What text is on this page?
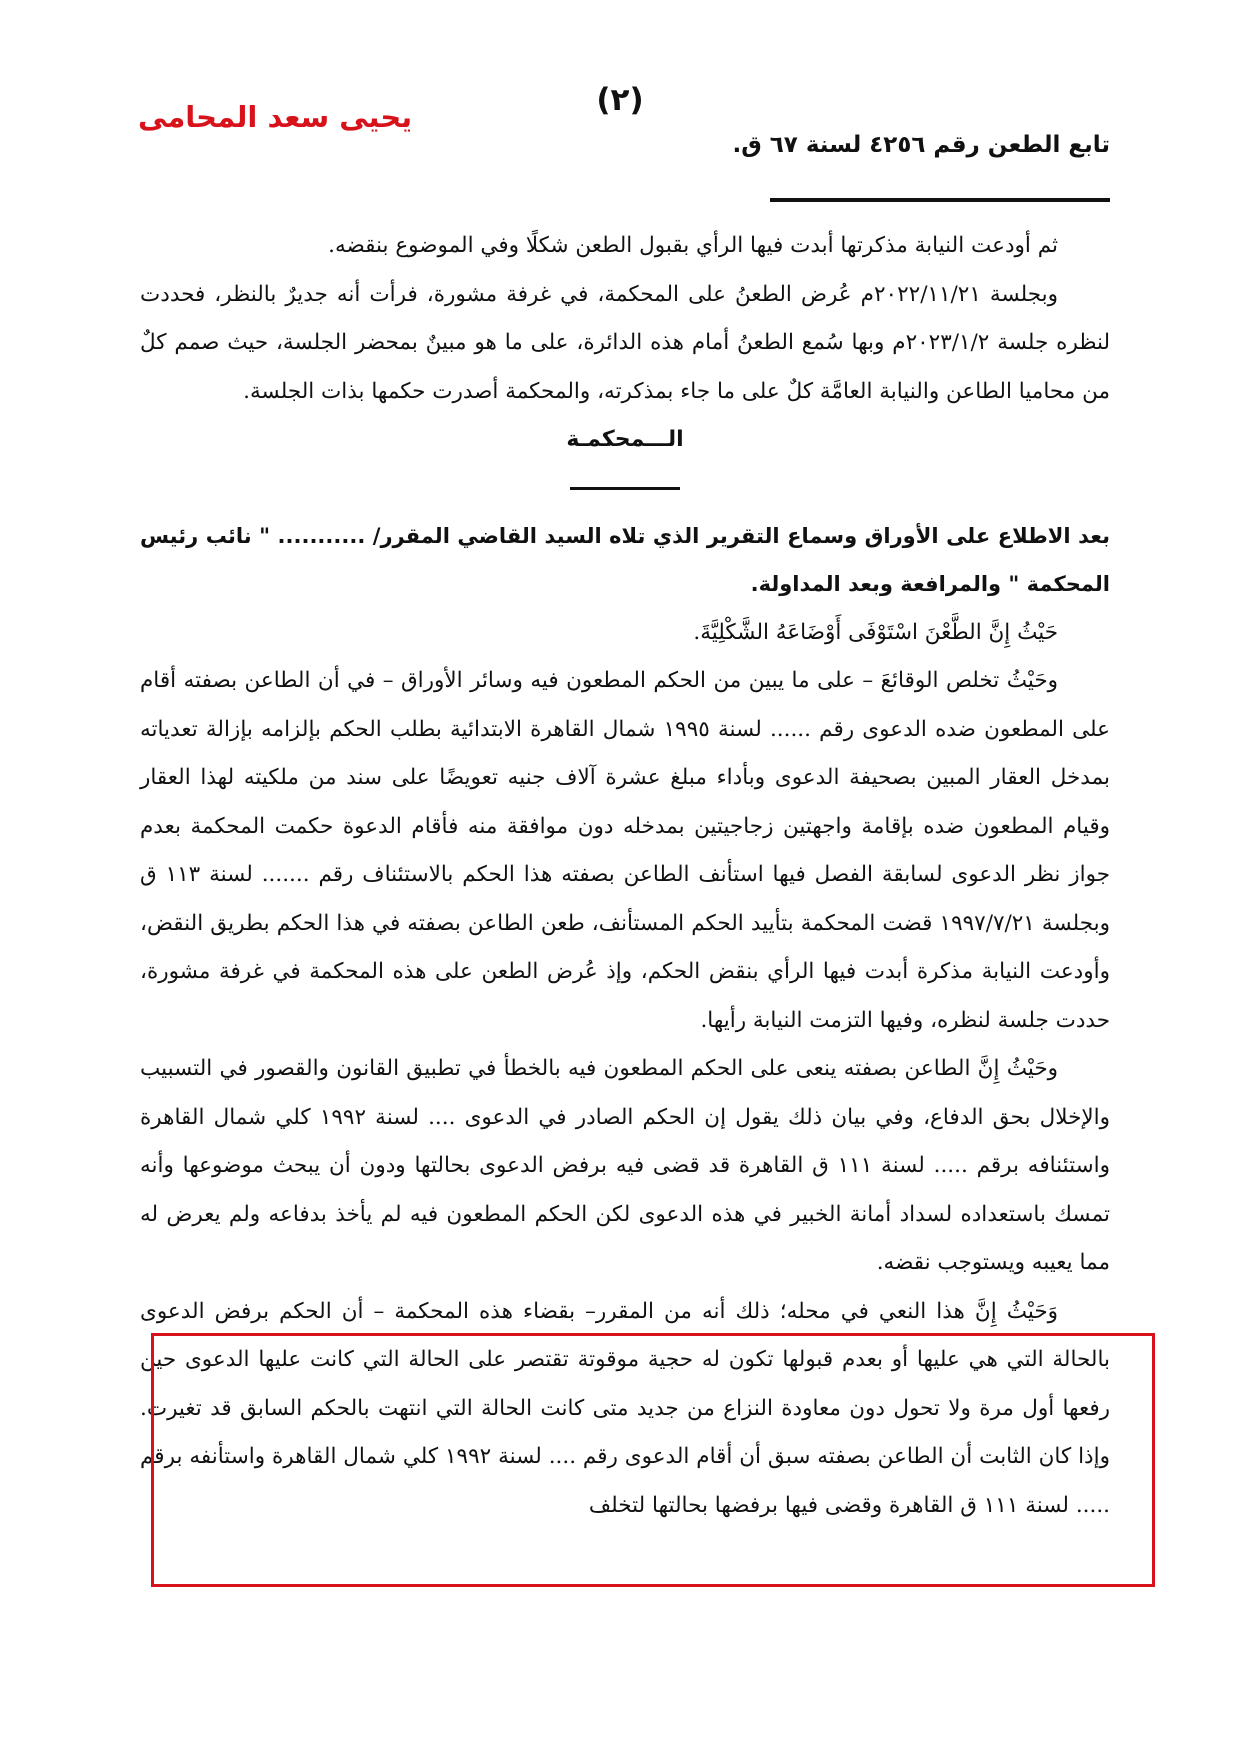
يحيى سعد المحامى	(٢)
تابع الطعن رقم ٤٢٥٦ لسنة ٦٧ ق.

ثم أودعت النيابة مذكرتها أبدت فيها الرأي بقبول الطعن شكلًا وفي الموضوع بنقضه.

وبجلسة ٢٠٢٢/١١/٢١م عُرض الطعنُ على المحكمة، في غرفة مشورة، فرأت أنه جديرٌ بالنظر، فحددت لنظره جلسة ٢٠٢٣/١/٢م وبها سُمع الطعنُ أمام هذه الدائرة، على ما هو مبينٌ بمحضر الجلسة، حيث صمم كلٌ من محاميا الطاعن والنيابة العامَّة كلٌ على ما جاء بمذكرته، والمحكمة أصدرت حكمها بذات الجلسة.

الـــمحكمـة

بعد الاطلاع على الأوراق وسماع التقرير الذي تلاه السيد القاضي المقرر/ ........... " نائب رئيس المحكمة " والمرافعة وبعد المداولة.

حَيْثُ إِنَّ الطَّعْنَ اسْتَوْفَى أَوْضَاعَهُ الشَّكْلِيَّةَ.

وحَيْثُ تخلص الوقائعَ – على ما يبين من الحكم المطعون فيه وسائر الأوراق – في أن الطاعن بصفته أقام على المطعون ضده الدعوى رقم ...... لسنة ١٩٩٥ شمال القاهرة الابتدائية بطلب الحكم بإلزامه بإزالة تعدياته بمدخل العقار المبين بصحيفة الدعوى وبأداء مبلغ عشرة آلاف جنيه تعويضًا على سند من ملكيته لهذا العقار وقيام المطعون ضده بإقامة واجهتين زجاجيتين بمدخله دون موافقة منه فأقام الدعوة حكمت المحكمة بعدم جواز نظر الدعوى لسابقة الفصل فيها استأنف الطاعن بصفته هذا الحكم بالاستئناف رقم ....... لسنة ١١٣ ق وبجلسة ١٩٩٧/٧/٢١ قضت المحكمة بتأييد الحكم المستأنف، طعن الطاعن بصفته في هذا الحكم بطريق النقض، وأودعت النيابة مذكرة أبدت فيها الرأي بنقض الحكم، وإذ عُرض الطعن على هذه المحكمة في غرفة مشورة، حددت جلسة لنظره، وفيها التزمت النيابة رأيها.

وحَيْثُ إِنَّ الطاعن بصفته ينعى على الحكم المطعون فيه بالخطأ في تطبيق القانون والقصور في التسبيب والإخلال بحق الدفاع، وفي بيان ذلك يقول إن الحكم الصادر في الدعوى .... لسنة ١٩٩٢ كلي شمال القاهرة واستئنافه برقم ..... لسنة ١١١ ق القاهرة قد قضى فيه برفض الدعوى بحالتها ودون أن يبحث موضوعها وأنه تمسك باستعداده لسداد أمانة الخبير في هذه الدعوى لكن الحكم المطعون فيه لم يأخذ بدفاعه ولم يعرض له مما يعيبه ويستوجب نقضه.

وَحَيْثُ إِنَّ هذا النعي في محله؛ ذلك أنه من المقرر– بقضاء هذه المحكمة – أن الحكم برفض الدعوى بالحالة التي هي عليها أو بعدم قبولها تكون له حجية موقوتة تقتصر على الحالة التي كانت عليها الدعوى حين رفعها أول مرة ولا تحول دون معاودة النزاع من جديد متى كانت الحالة التي انتهت بالحكم السابق قد تغيرت. وإذا كان الثابت أن الطاعن بصفته سبق أن أقام الدعوى رقم .... لسنة ١٩٩٢ كلي شمال القاهرة واستأنفه برقم ..... لسنة ١١١ ق القاهرة وقضى فيها برفضها بحالتها لتخلف
